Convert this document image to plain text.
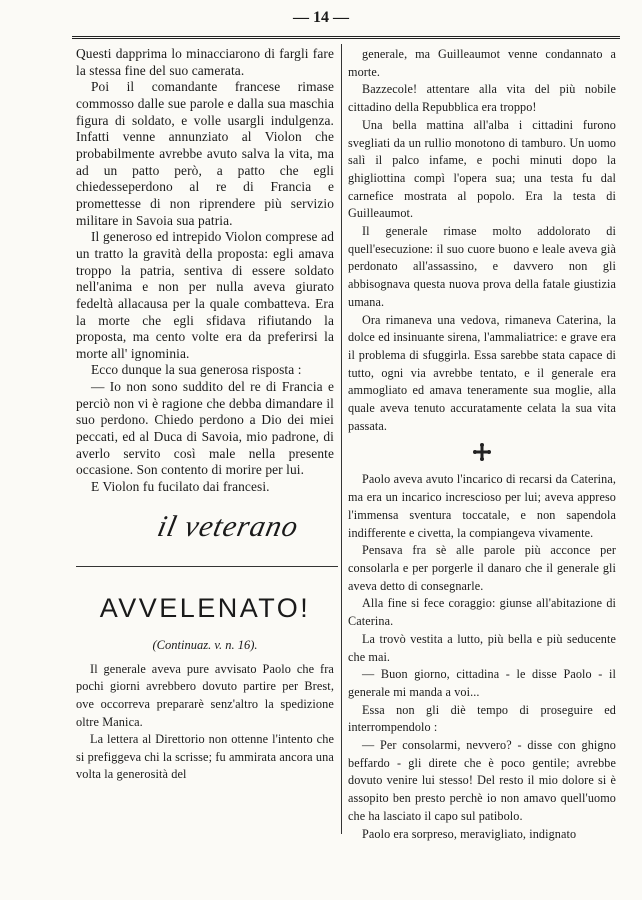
— 14 —

Questi dapprima lo minacciarono di fargli fare la stessa fine del suo camerata.

Poi il comandante francese rimase commosso dalle sue parole e dalla sua maschia figura di soldato, e volle usargli indulgenza. Infatti venne annunziato al Violon che probabilmente avrebbe avuto salva la vita, ma ad un patto però, a patto che egli chiedesseperdono al re di Francia e promettesse di non riprendere più servizio militare in Savoia sua patria.

Il generoso ed intrepido Violon comprese ad un tratto la gravità della proposta: egli amava troppo la patria, sentiva di essere soldato nell'anima e non per nulla aveva giurato fedeltà allacausa per la quale combatteva. Era la morte che egli sfidava rifiutando la proposta, ma cento volte era da preferirsi la morte all' ignominia.

Ecco dunque la sua generosa risposta :

— Io non sono suddito del re di Francia e perciò non vi è ragione che debba dimandare il suo perdono. Chiedo perdono a Dio dei miei peccati, ed al Duca di Savoia, mio padrone, di averlo servito così male nella presente occasione. Son contento di morire per lui.

E Violon fu fucilato dai francesi.

il veterano
AVVELENATO!
(Continuaz. v. n. 16).

Il generale aveva pure avvisato Paolo che fra pochi giorni avrebbero dovuto partire per Brest, ove occorreva prepararè senz'altro la spedizione oltre Manica.

La lettera al Direttorio non ottenne l'intento che si prefiggeva chi la scrisse; fu ammirata ancora una volta la generosità del

generale, ma Guilleaumot venne condannato a morte.

Bazzecole! attentare alla vita del più nobile cittadino della Repubblica era troppo!

Una bella mattina all'alba i cittadini furono svegliati da un rullio monotono di tamburo. Un uomo salì il palco infame, e pochi minuti dopo la ghigliottina compì l'opera sua; una testa fu dal carnefice mostrata al popolo. Era la testa di Guilleaumot.

Il generale rimase molto addolorato di quell'esecuzione: il suo cuore buono e leale aveva già perdonato all'assassino, e davvero non gli abbisognava questa nuova prova della fatale giustizia umana.

Ora rimaneva una vedova, rimaneva Caterina, la dolce ed insinuante sirena, l'ammaliatrice: e grave era il problema di sfuggirla. Essa sarebbe stata capace di tutto, ogni via avrebbe tentato, e il generale era ammogliato ed amava teneramente sua moglie, alla quale aveva tenuto accuratamente celata la sua vita passata.

Paolo aveva avuto l'incarico di recarsi da Caterina, ma era un incarico increscioso per lui; aveva appreso l'immensa sventura toccatale, e non sapendola indifferente e civetta, la compiangeva vivamente.

Pensava fra sè alle parole più acconce per consolarla e per porgerle il danaro che il generale gli aveva detto di consegnarle.

Alla fine si fece coraggio: giunse all'abitazione di Caterina.

La trovò vestita a lutto, più bella e più seducente che mai.

— Buon giorno, cittadina - le disse Paolo - il generale mi manda a voi...

Essa non gli diè tempo di proseguire ed interrompendolo :

— Per consolarmi, nevvero? - disse con ghigno beffardo - gli direte che è poco gentile; avrebbe dovuto venire lui stesso! Del resto il mio dolore si è assopito ben presto perchè io non amavo quell'uomo che ha lasciato il capo sul patibolo.

Paolo era sorpreso, meravigliato, indignato
